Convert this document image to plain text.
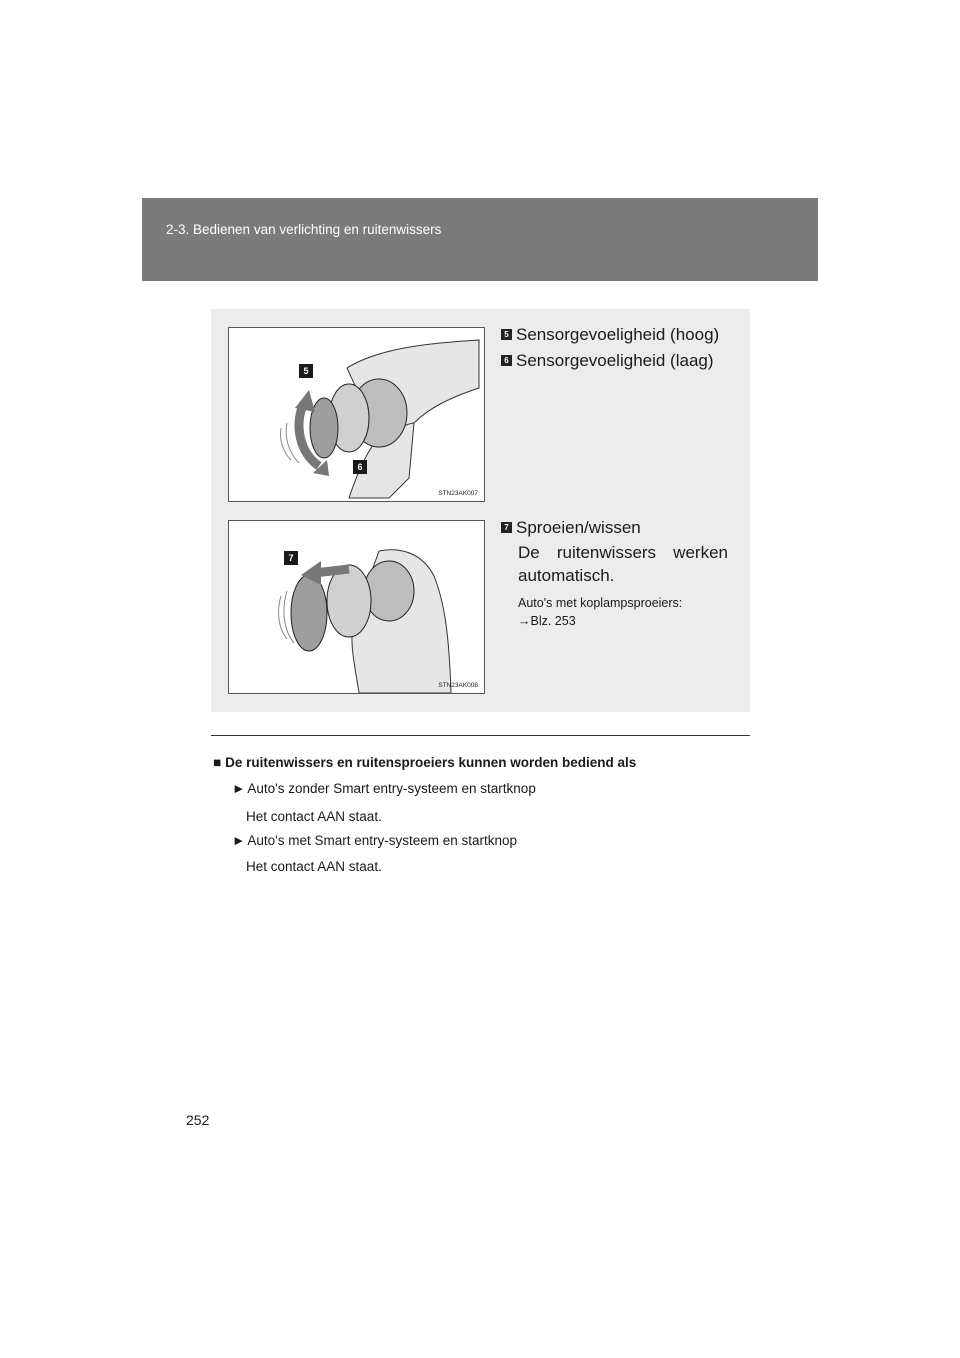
2-3. Bedienen van verlichting en ruitenwissers
5
6
STN23AK007
7
STN23AK008
5 Sensorgevoeligheid (hoog)
6 Sensorgevoeligheid (laag)
7 Sproeien/wissen
De ruitenwissers werken automatisch.
Auto's met koplampsproeiers:
→Blz. 253
■ De ruitenwissers en ruitensproeiers kunnen worden bediend als
► Auto's zonder Smart entry-systeem en startknop
Het contact AAN staat.
► Auto's met Smart entry-systeem en startknop
Het contact AAN staat.
252
